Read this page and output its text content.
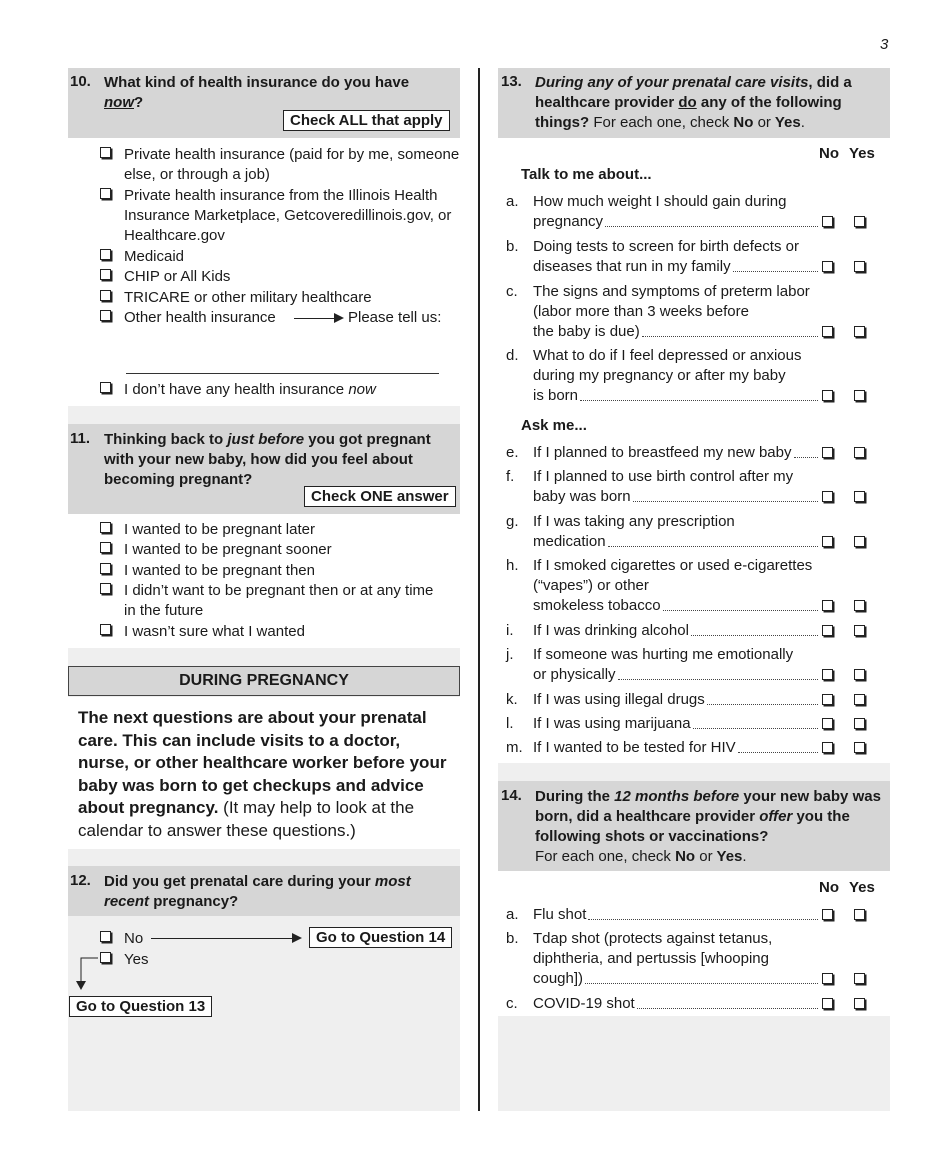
3
10. What kind of health insurance do you have
now?
Check ALL that apply
Private health insurance (paid for by me, someone else, or through a job)
Private health insurance from the Illinois Health Insurance Marketplace, Getcoveredillinois.gov, or Healthcare.gov
Medicaid
CHIP or All Kids
TRICARE or other military healthcare
Other health insurance	Please tell us:
I don’t have any health insurance now
11. Thinking back to just before you got pregnant with your new baby, how did you feel about becoming pregnant?
Check ONE answer
I wanted to be pregnant later
I wanted to be pregnant sooner
I wanted to be pregnant then
I didn’t want to be pregnant then or at any time in the future
I wasn’t sure what I wanted
DURING PREGNANCY
The next questions are about your prenatal care. This can include visits to a doctor, nurse, or other healthcare worker before your baby was born to get checkups and advice about pregnancy. (It may help to look at the calendar to answer these questions.)
12. Did you get prenatal care during your most recent pregnancy?
No
Yes
Go to Question 14
Go to Question 13
13. During any of your prenatal care visits, did a healthcare provider do any of the following things? For each one, check No or Yes.
No Yes
Talk to me about...
Ask me...
a. How much weight I should gain during
pregnancy
b. Doing tests to screen for birth defects or
diseases that run in my family
c. The signs and symptoms of preterm labor (labor more than 3 weeks before
the baby is due)
d. What to do if I feel depressed or anxious during my pregnancy or after my baby
is born
e. If I planned to breastfeed my new baby
f. If I planned to use birth control after my
baby was born
g. If I was taking any prescription
medication
h. If I smoked cigarettes or used e-cigarettes (“vapes”) or other
smokeless tobacco
i. If I was drinking alcohol
j. If someone was hurting me emotionally
or physically
k. If I was using illegal drugs
l. If I was using marijuana
m. If I wanted to be tested for HIV
14. During the 12 months before your new baby was born, did a healthcare provider offer you the following shots or vaccinations?
For each one, check No or Yes.
No Yes
a. Flu shot
b. Tdap shot (protects against tetanus, diphtheria, and pertussis [whooping
cough])
c. COVID-19 shot
